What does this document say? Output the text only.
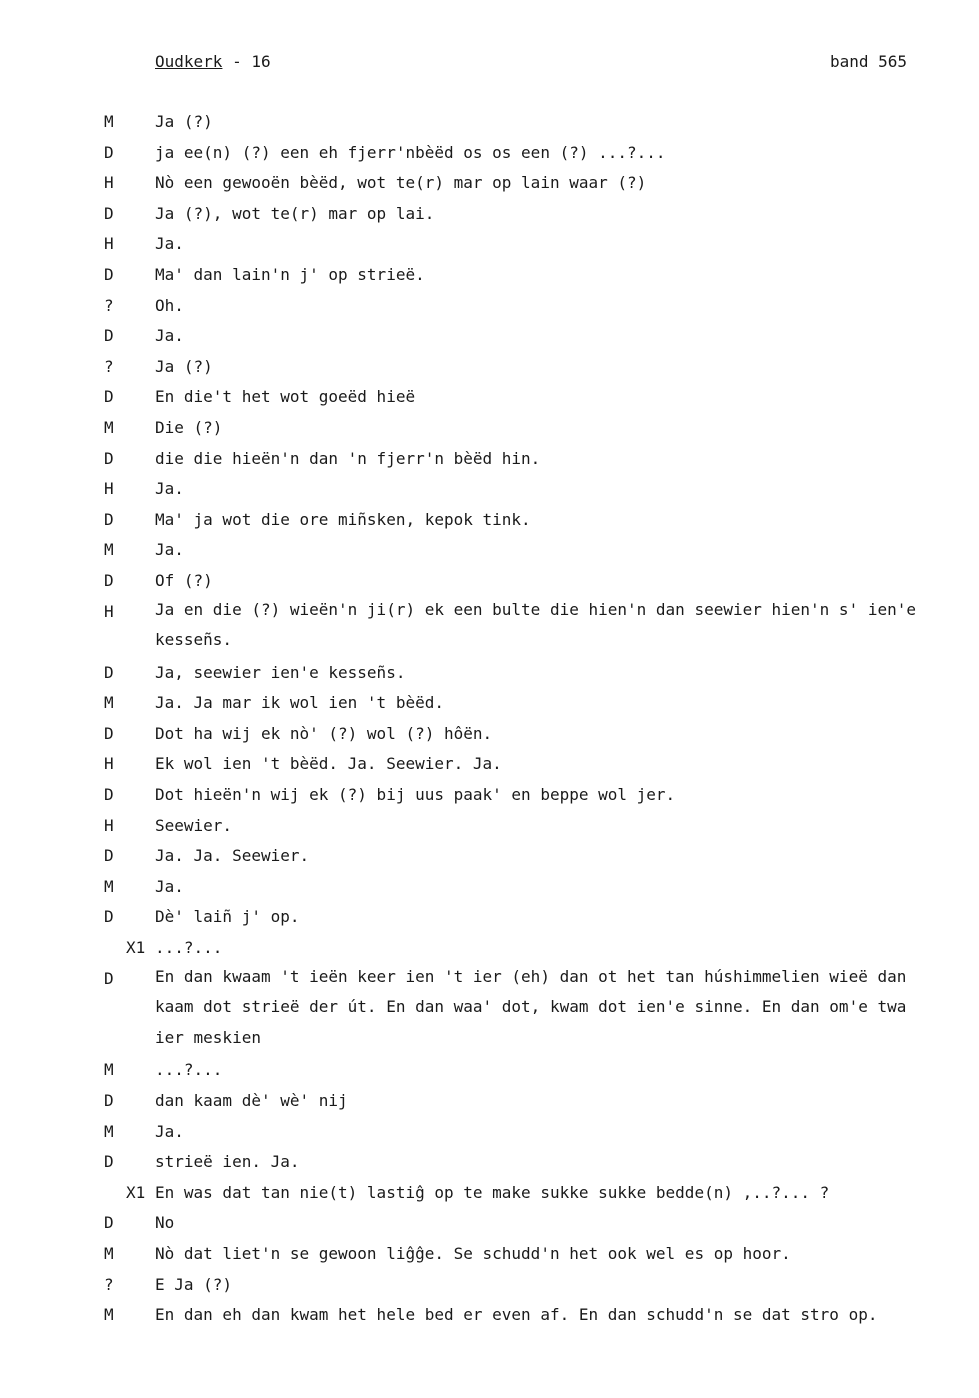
Oudkerk - 16	band 565
M	Ja (?)
D	ja ee(n) (?) een eh fjerr'nbèëd os os een (?) ...?...
H	Nò een gewooën bèëd, wot te(r) mar op lain waar (?)
D	Ja (?), wot te(r) mar op lai.
H	Ja.
D	Ma' dan lain'n j' op strieë.
?	Oh.
D	Ja.
?	Ja (?)
D	En die't het wot goeëd hieë
M	Die (?)
D	die die hieën'n dan 'n fjerr'n bèëd hin.
H	Ja.
D	Ma' ja wot die ore miñsken, kepok tink.
M	Ja.
D	Of (?)
H	Ja en die (?) wieën'n ji(r) ek een bulte die hien'n dan seewier hien'n s' ien'e
kesseñs.
D	Ja, seewier ien'e kesseñs.
M	Ja. Ja mar ik wol ien 't bèëd.
D	Dot ha wij ek nò' (?) wol (?) hôën.
H	Ek wol ien 't bèëd. Ja. Seewier. Ja.
D	Dot hieën'n wij ek (?) bij uus paak' en beppe wol jer.
H	Seewier.
D	Ja. Ja. Seewier.
M	Ja.
D	Dè' laiñ j' op.
X1 ...?...
D	En dan kwaam 't ieën keer ien 't ier (eh) dan ot het tan húshimmelien wieë dan
kaam dot strieë der út. En dan waa' dot, kwam dot ien'e sinne. En dan om'e twa
ier meskien
M	...?...
D	dan kaam dè' wè' nij
M	Ja.
D	strieë ien. Ja.
X1 En was dat tan nie(t) lastiĝ op te make sukke sukke bedde(n) ,..?... ?
D	No
M	Nò dat liet'n se gewoon liĝĝe. Se schudd'n het ook wel es op hoor.
?	E Ja (?)
M	En dan eh dan kwam het hele bed er even af. En dan schudd'n se dat stro op.
